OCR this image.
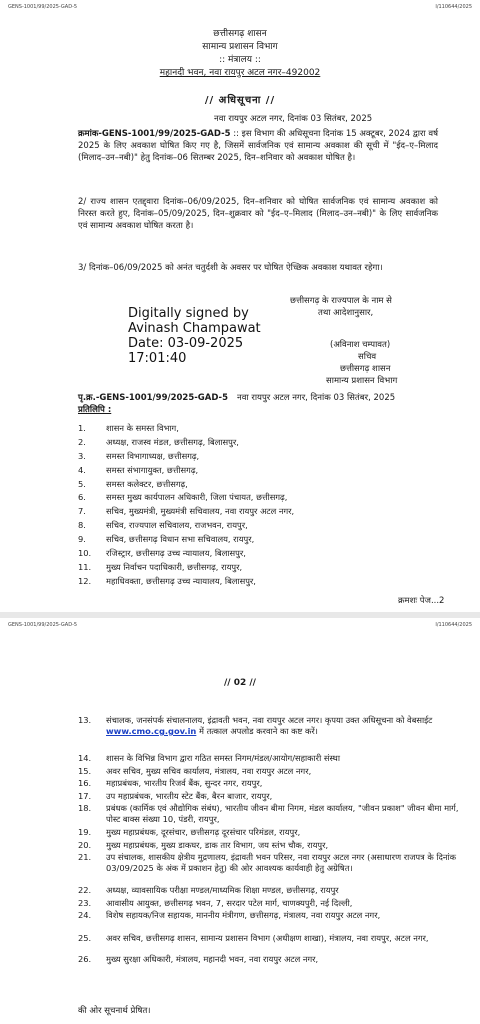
GENS-1001/99/2025-GAD-5	I/110644/2025
छत्तीसगढ़ शासन
सामान्य प्रशासन विभाग
:: मंत्रालय ::
महानदी भवन, नवा रायपुर अटल नगर–492002
// अधिसूचना //
नवा रायपुर अटल नगर, दिनांक 03 सितंबर, 2025
क्रमांक-GENS-1001/99/2025-GAD-5 :: इस विभाग की अधिसूचना दिनांक 15 अक्टूबर, 2024 द्वारा वर्ष 2025 के लिए अवकाश घोषित किए गए है, जिसमें सार्वजनिक एवं सामान्य अवकाश की सूची में "ईद–ए–मिलाद (मिलाद–उन–नबी)" हेतु दिनांक–06 सितम्बर 2025, दिन–शनिवार को अवकाश घोषित है।
2/ राज्य शासन एतद्द्वारा दिनांक–06/09/2025, दिन–शनिवार को घोषित सार्वजनिक एवं सामान्य अवकाश को निरस्त करते हुए, दिनांक–05/09/2025, दिन–शुक्रवार को "ईद–ए–मिलाद (मिलाद–उन–नबी)" के लिए सार्वजनिक एवं सामान्य अवकाश घोषित करता है।
3/ दिनांक–06/09/2025 को अनंत चतुर्दशी के अवसर पर घोषित ऐच्छिक अवकाश यथावत रहेगा।
Digitally signed by
Avinash Champawat
Date: 03-09-2025
17:01:40
छत्तीसगढ़ के राज्यपाल के नाम से
तथा आदेशानुसार,
(अविनाश चम्पावत)
सचिव
छत्तीसगढ़ शासन
सामान्य प्रशासन विभाग
पृ.क्र.-GENS-1001/99/2025-GAD-5 नवा रायपुर अटल नगर, दिनांक 03 सितंबर, 2025
प्रतिलिपि :
1. शासन के समस्त विभाग,
2. अध्यक्ष, राजस्व मंडल, छत्तीसगढ़, बिलासपुर,
3. समस्त विभागाध्यक्ष, छत्तीसगढ़,
4. समस्त संभागायुक्त, छत्तीसगढ़,
5. समस्त कलेक्टर, छत्तीसगढ़,
6. समस्त मुख्य कार्यपालन अधिकारी, जिला पंचायत, छत्तीसगढ़,
7. सचिव, मुख्यमंत्री, मुख्यमंत्री सचिवालय, नवा रायपुर अटल नगर,
8. सचिव, राज्यपाल सचिवालय, राजभवन, रायपुर,
9. सचिव, छत्तीसगढ़ विधान सभा सचिवालय, रायपुर,
10. रजिस्ट्रार, छत्तीसगढ़ उच्च न्यायालय, बिलासपुर,
11. मुख्य निर्वाचन पदाधिकारी, छत्तीसगढ़, रायपुर,
12. महाधिवक्ता, छत्तीसगढ़ उच्च न्यायालय, बिलासपुर,
क्रमशः पेज...2
GENS-1001/99/2025-GAD-5	I/110644/2025
// 02 //
13. संचालक, जनसंपर्क संचालनालय, इंद्रावती भवन, नवा रायपुर अटल नगर। कृपया उक्त अधिसूचना को वेबसाईट www.cmo.cg.gov.in में तत्काल अपलोड करवाने का कष्ट करें।
14. शासन के विभिन्न विभाग द्वारा गठित समस्त निगम/मंडल/आयोग/सहाकारी संस्था
15. अवर सचिव, मुख्य सचिव कार्यालय, मंत्रालय, नवा रायपुर अटल नगर,
16. महाप्रबंधक, भारतीय रिजर्व बैंक, सुन्दर नगर, रायपुर,
17. उप महाप्रबंधक, भारतीय स्टेट बैंक, बैरन बाजार, रायपुर,
18. प्रबंधक (कार्मिक एवं औद्योगिक संबंध), भारतीय जीवन बीमा निगम, मंडल कार्यालय, "जीवन प्रकाश" जीवन बीमा मार्ग, पोस्ट बाक्स संख्या 10, पंडरी, रायपुर,
19. मुख्य महाप्रबंधक, दूरसंचार, छत्तीसगढ़ दूरसंचार परिमंडल, रायपुर,
20. मुख्य महाप्रबंधक, मुख्य डाकघर, डाक तार विभाग, जय स्तंभ चौक, रायपुर,
21. उप संचालक, शासकीय क्षेत्रीय मुद्रणालय, इंद्रावती भवन परिसर, नवा रायपुर अटल नगर (असाधारण राजपत्र के दिनांक 03/09/2025 के अंक में प्रकाशन हेतु) की ओर आवश्यक कार्यवाही हेतु अग्रेषित।
22. अध्यक्ष, व्यावसायिक परीक्षा मण्डल/माध्यमिक शिक्षा मण्डल, छत्तीसगढ़, रायपुर
23. आवासीय आयुक्त, छत्तीसगढ़ भवन, 7, सरदार पटेल मार्ग, चाणक्यपुरी, नई दिल्ली,
24. विशेष सहायक/निज सहायक, माननीय मंत्रीगण, छत्तीसगढ़, मंत्रालय, नवा रायपुर अटल नगर,
25. अवर सचिव, छत्तीसगढ़ शासन, सामान्य प्रशासन विभाग (अधीक्षण शाखा), मंत्रालय, नवा रायपुर, अटल नगर,
26. मुख्य सुरक्षा अधिकारी, मंत्रालय, महानदी भवन, नवा रायपुर अटल नगर,
की ओर सूचनार्थ प्रेषित।
